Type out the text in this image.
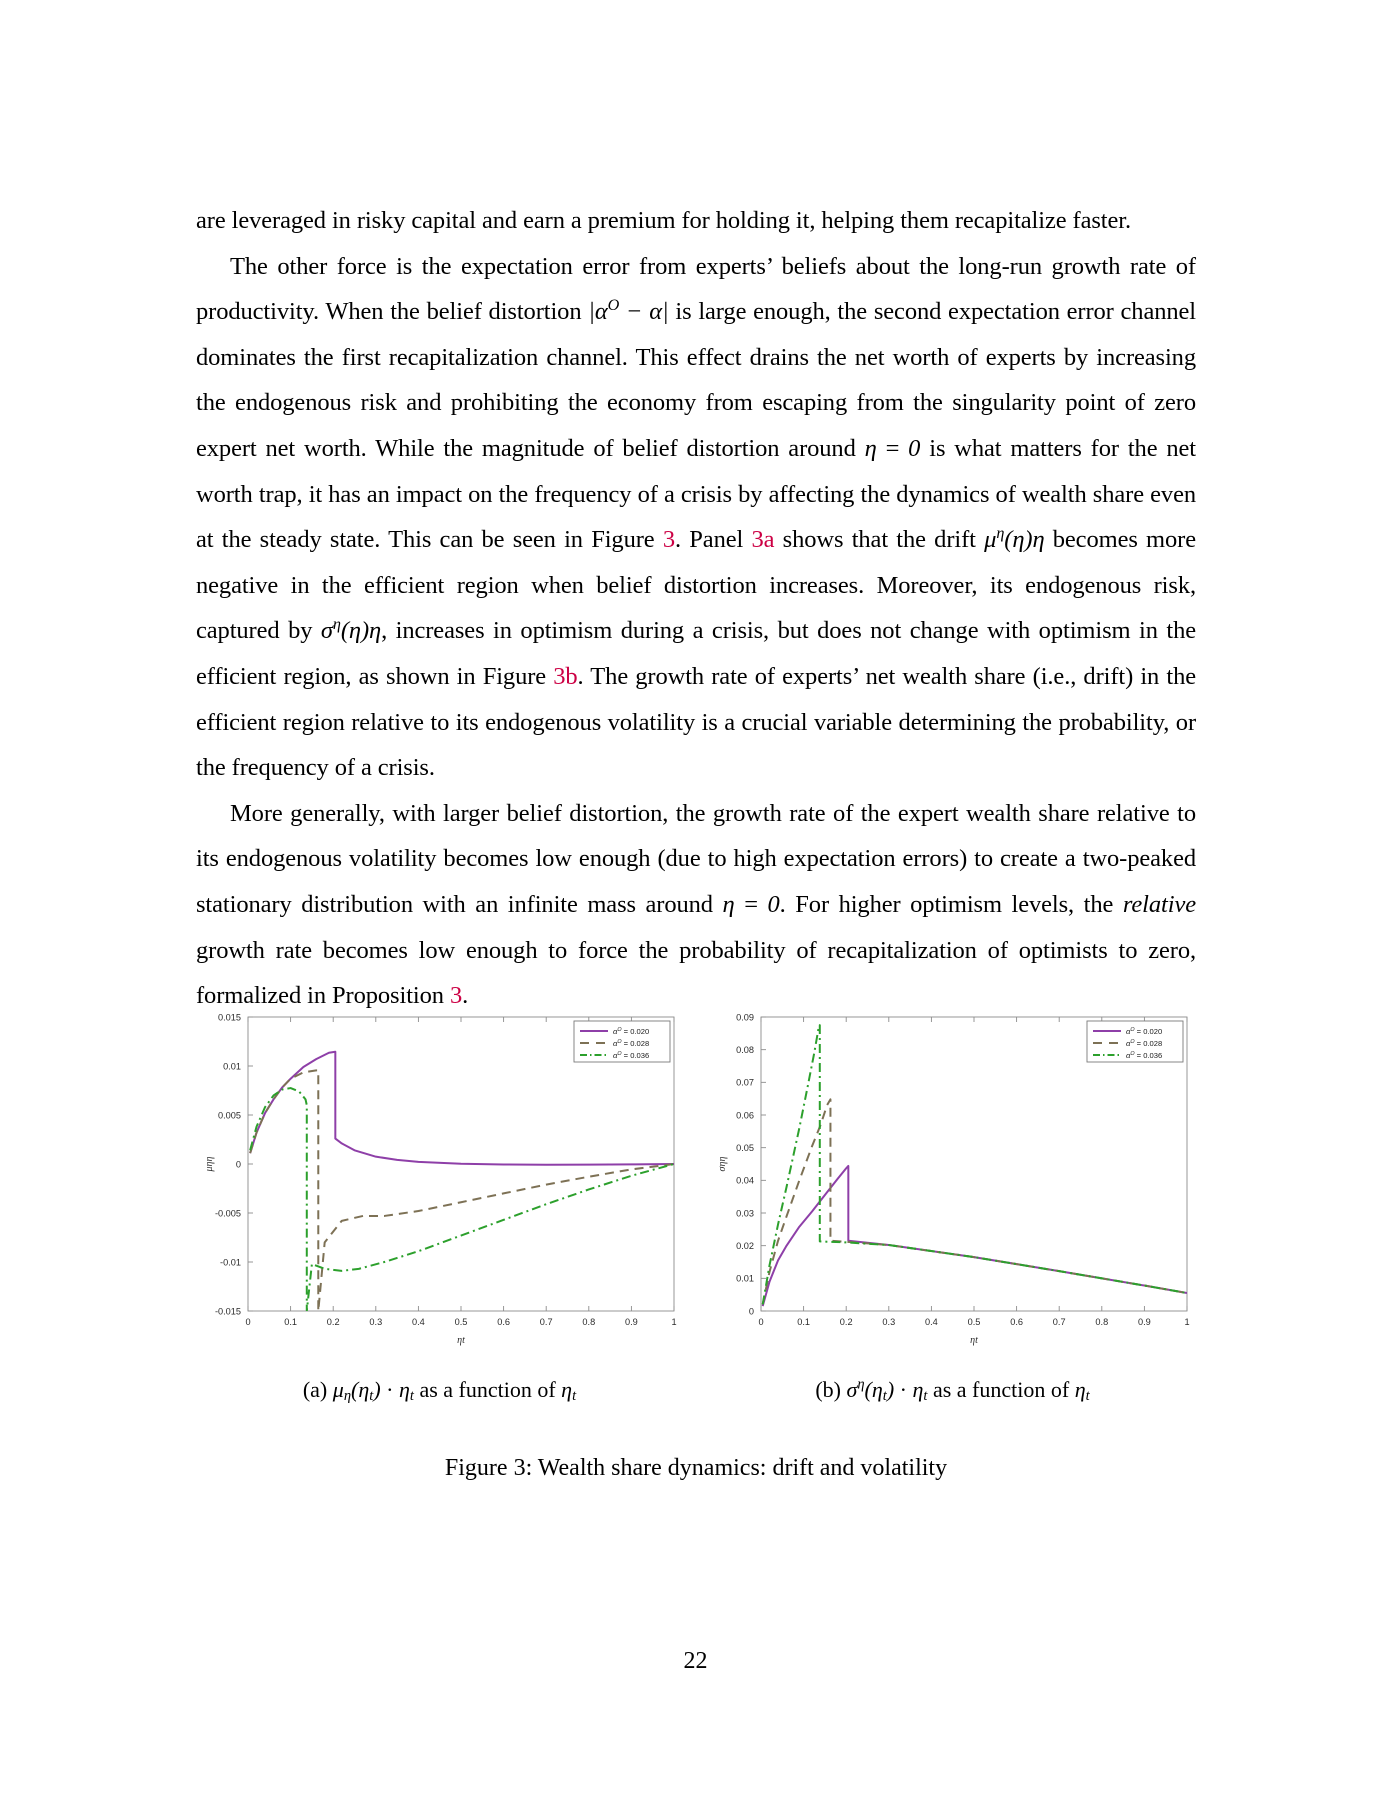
are leveraged in risky capital and earn a premium for holding it, helping them recapitalize faster.

The other force is the expectation error from experts’ beliefs about the long-run growth rate of productivity. When the belief distortion $|\alpha^O - \alpha|$ is large enough, the second expectation error channel dominates the first recapitalization channel. This effect drains the net worth of experts by increasing the endogenous risk and prohibiting the economy from escaping from the singularity point of zero expert net worth. While the magnitude of belief distortion around η = 0 is what matters for the net worth trap, it has an impact on the frequency of a crisis by affecting the dynamics of wealth share even at the steady state. This can be seen in Figure 3. Panel 3a shows that the drift $\mu^\eta(\eta)\eta$ becomes more negative in the efficient region when belief distortion increases. Moreover, its endogenous risk, captured by $\sigma^\eta(\eta)\eta$, increases in optimism during a crisis, but does not change with optimism in the efficient region, as shown in Figure 3b. The growth rate of experts’ net wealth share (i.e., drift) in the efficient region relative to its endogenous volatility is a crucial variable determining the probability, or the frequency of a crisis.

More generally, with larger belief distortion, the growth rate of the expert wealth share relative to its endogenous volatility becomes low enough (due to high expectation errors) to create a two-peaked stationary distribution with an infinite mass around η = 0. For higher optimism levels, the relative growth rate becomes low enough to force the probability of recapitalization of optimists to zero, formalized in Proposition 3.

0	0.1	0.2	0.3	0.4	0.5	0.6	0.7	0.8	0.9	1
0.015
0.01
0.005
0
-0.005
-0.01
-0.015
ηt
μηη
$\alpha^O = 0.020$
$\alpha^O = 0.028$
$\alpha^O = 0.036$
0	0.1	0.2	0.3	0.4	0.5	0.6	0.7	0.8	0.9	1
0.09
0.08
0.07
0.06
0.05
0.04
0.03
0.02
0.01
0
ηt
σηη
$\alpha^O = 0.020$
$\alpha^O = 0.028$
$\alpha^O = 0.036$
(a) $\mu_\eta(\eta_t) \cdot \eta_t$ as a function of $\eta_t$	(b) $\sigma^\eta(\eta_t) \cdot \eta_t$ as a function of $\eta_t$
Figure 3: Wealth share dynamics: drift and volatility
22
